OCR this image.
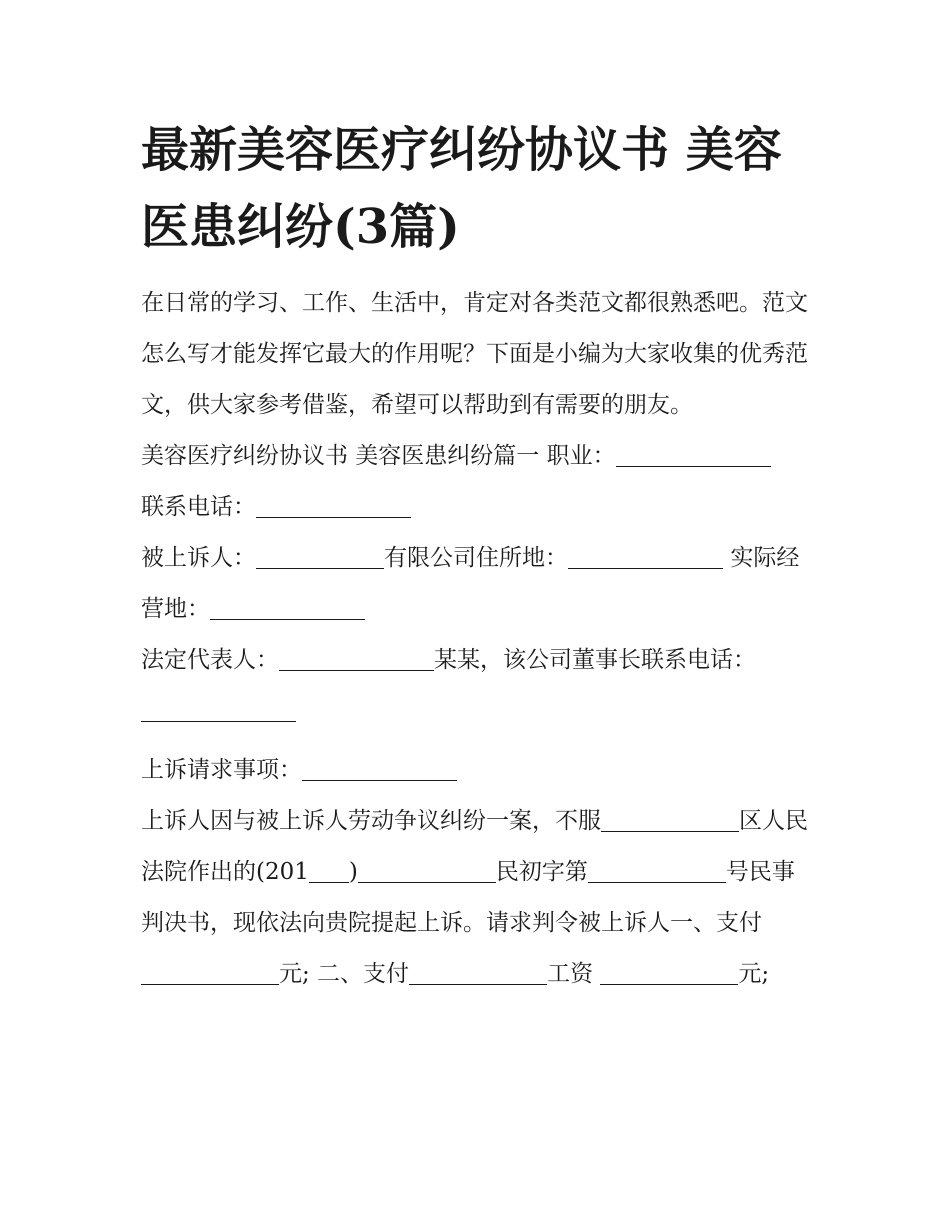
最新美容医疗纠纷协议书 美容医患纠纷(3篇)

在日常的学习、工作、生活中，肯定对各类范文都很熟悉吧。范文怎么写才能发挥它最大的作用呢？下面是小编为大家收集的优秀范文，供大家参考借鉴，希望可以帮助到有需要的朋友。

美容医疗纠纷协议书 美容医患纠纷篇一 职业：

联系电话：

被上诉人：	有限公司住所地：	实际经营地：

法定代表人：	某某，该公司董事长联系电话：

上诉请求事项：

上诉人因与被上诉人劳动争议纠纷一案，不服	区人民法院作出的(201 )	民初字第	号民事判决书，现依法向贵院提起上诉。请求判令被上诉人一、支付元; 二、支付	工资	元;
